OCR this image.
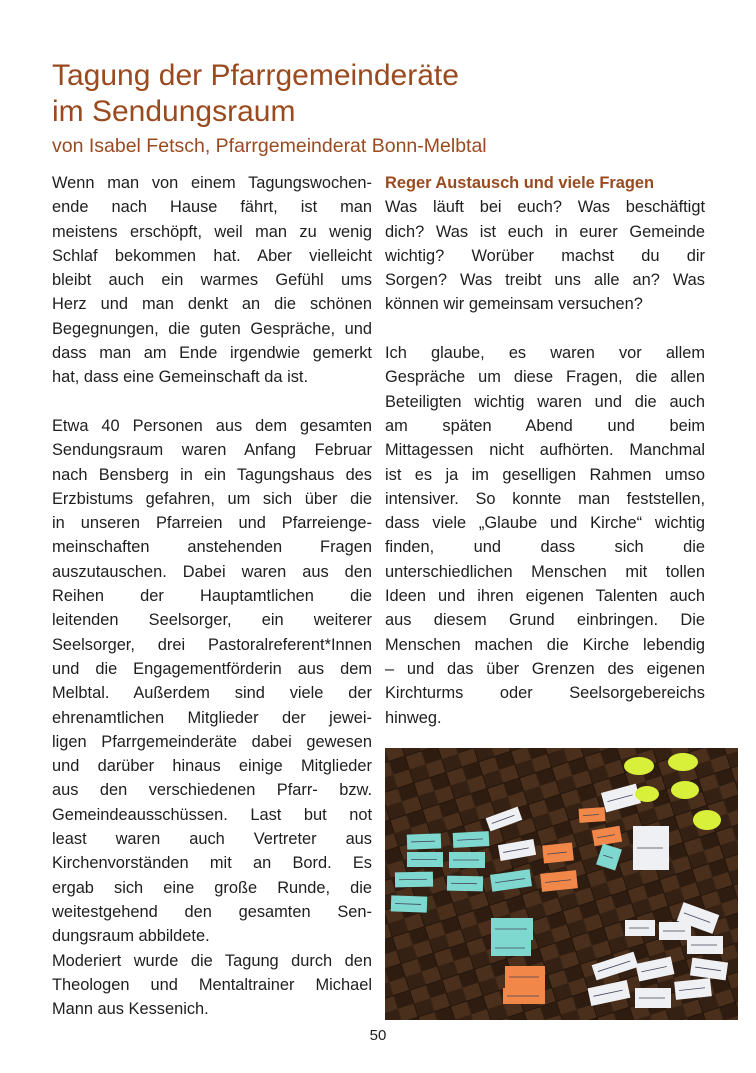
Tagung der Pfarrgemeinderäte
im Sendungsraum
von Isabel Fetsch, Pfarrgemeinderat Bonn-Melbtal
Wenn man von einem Tagungswochen-
ende nach Hause fährt, ist man
meistens erschöpft, weil man zu wenig
Schlaf bekommen hat. Aber vielleicht
bleibt auch ein warmes Gefühl ums
Herz und man denkt an die schönen
Begegnungen, die guten Gespräche, und
dass man am Ende irgendwie gemerkt
hat, dass eine Gemeinschaft da ist.
Etwa 40 Personen aus dem gesamten
Sendungsraum waren Anfang Februar
nach Bensberg in ein Tagungshaus des
Erzbistums gefahren, um sich über die
in unseren Pfarreien und Pfarreienge-
meinschaften anstehenden Fragen
auszutauschen. Dabei waren aus den
Reihen der Hauptamtlichen die
leitenden Seelsorger, ein weiterer
Seelsorger, drei Pastoralreferent*Innen
und die Engagementförderin aus dem
Melbtal. Außerdem sind viele der
ehrenamtlichen Mitglieder der jewei-
ligen Pfarrgemeinderäte dabei gewesen
und darüber hinaus einige Mitglieder
aus den verschiedenen Pfarr- bzw.
Gemeindeausschüssen. Last but not
least waren auch Vertreter aus
Kirchenvorständen mit an Bord. Es
ergab sich eine große Runde, die
weitestgehend den gesamten Sen-
dungsraum abbildete.
Moderiert wurde die Tagung durch den
Theologen und Mentaltrainer Michael
Mann aus Kessenich.
Reger Austausch und viele Fragen
Was läuft bei euch? Was beschäftigt
dich? Was ist euch in eurer Gemeinde
wichtig? Worüber machst du dir
Sorgen? Was treibt uns alle an? Was
können wir gemeinsam versuchen?
Ich glaube, es waren vor allem
Gespräche um diese Fragen, die allen
Beteiligten wichtig waren und die auch
am späten Abend und beim
Mittagessen nicht aufhörten. Manchmal
ist es ja im geselligen Rahmen umso
intensiver. So konnte man feststellen,
dass viele „Glaube und Kirche“ wichtig
finden, und dass sich die
unterschiedlichen Menschen mit tollen
Ideen und ihren eigenen Talenten auch
aus diesem Grund einbringen. Die
Menschen machen die Kirche lebendig
– und das über Grenzen des eigenen
Kirchturms oder Seelsorgebereichs
hinweg.
50
